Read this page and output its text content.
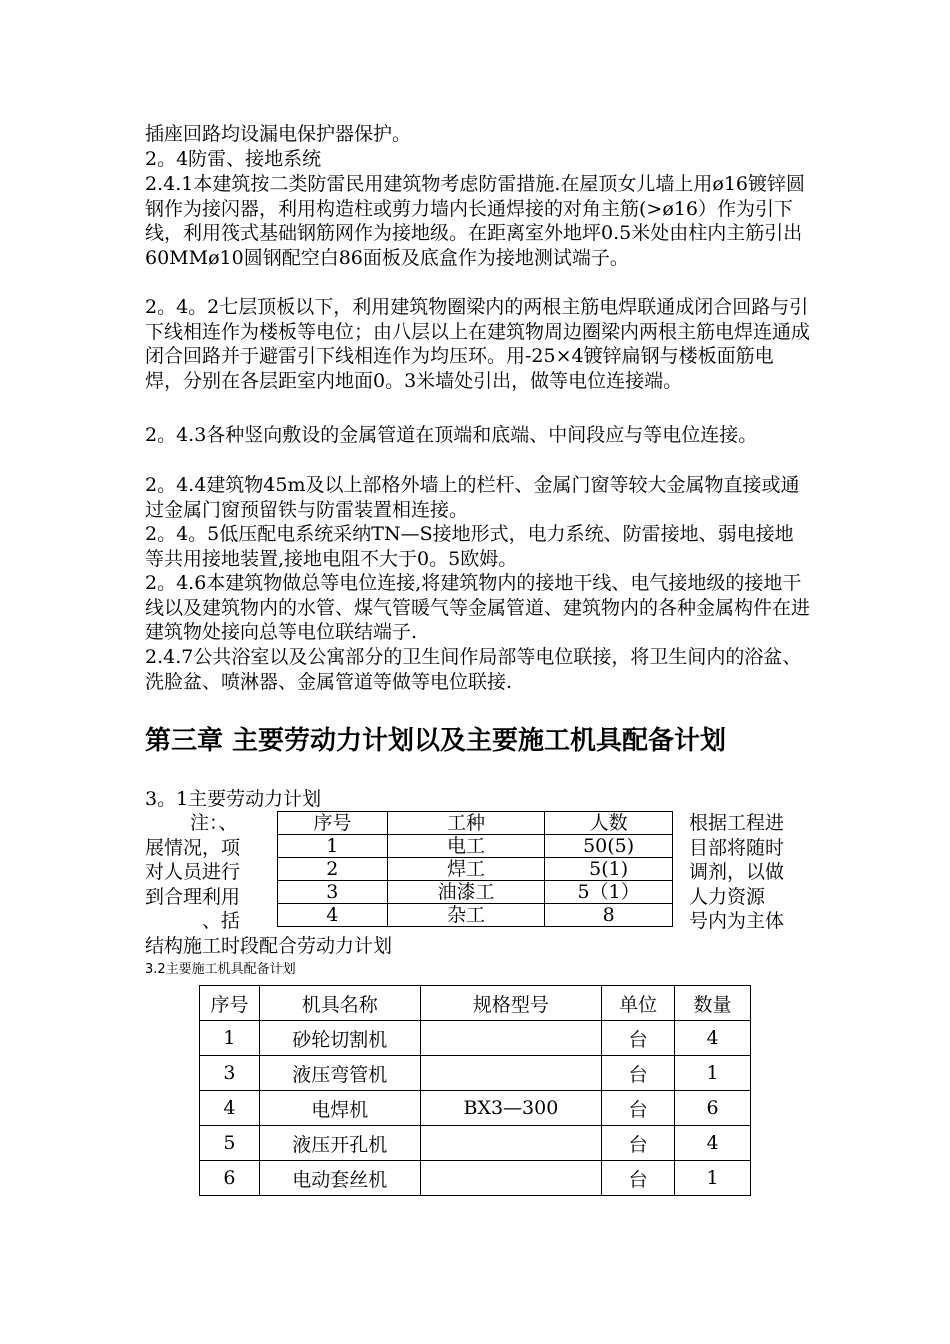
插座回路均设漏电保护器保护。

2。4防雷、接地系统

2.4.1本建筑按二类防雷民用建筑物考虑防雷措施.在屋顶女儿墙上用ø16镀锌圆钢作为接闪器，利用构造柱或剪力墙内长通焊接的对角主筋(>ø16）作为引下线，利用筏式基础钢筋网作为接地级。在距离室外地坪0.5米处由柱内主筋引出60MMø10圆钢配空白86面板及底盒作为接地测试端子。

2。4。2七层顶板以下，利用建筑物圈梁内的两根主筋电焊联通成闭合回路与引下线相连作为楼板等电位；由八层以上在建筑物周边圈梁内两根主筋电焊连通成闭合回路并于避雷引下线相连作为均压环。用-25×4镀锌扁钢与楼板面筋电焊，分别在各层距室内地面0。3米墙处引出，做等电位连接端。

2。4.3各种竖向敷设的金属管道在顶端和底端、中间段应与等电位连接。

2。4.4建筑物45m及以上部格外墙上的栏杆、金属门窗等较大金属物直接或通过金属门窗预留铁与防雷装置相连接。

2。4。5低压配电系统采纳TN—S接地形式，电力系统、防雷接地、弱电接地等共用接地装置,接地电阻不大于0。5欧姆。

2。4.6本建筑物做总等电位连接,将建筑物内的接地干线、电气接地级的接地干线以及建筑物内的水管、煤气管暖气等金属管道、建筑物内的各种金属构件在进建筑物处接向总等电位联结端子.

2.4.7公共浴室以及公寓部分的卫生间作局部等电位联接，将卫生间内的浴盆、洗脸盆、喷淋器、金属管道等做等电位联接.

第三章 主要劳动力计划以及主要施工机具配备计划

3。1主要劳动力计划

注：、

展情况，项

对人员进行

到合理利用

、括

根据工程进

目部将随时

调剂，以做

人力资源

号内为主体

序号	工种	人数
1	电工	50(5)
2	焊工	5(1)
3	油漆工	5（1）
4	杂工	8

结构施工时段配合劳动力计划

3.2主要施工机具配备计划

序号	机具名称	规格型号	单位	数量
1	砂轮切割机		台	4
3	液压弯管机		台	1
4	电焊机	BX3—300	台	6
5	液压开孔机		台	4
6	电动套丝机		台	1
